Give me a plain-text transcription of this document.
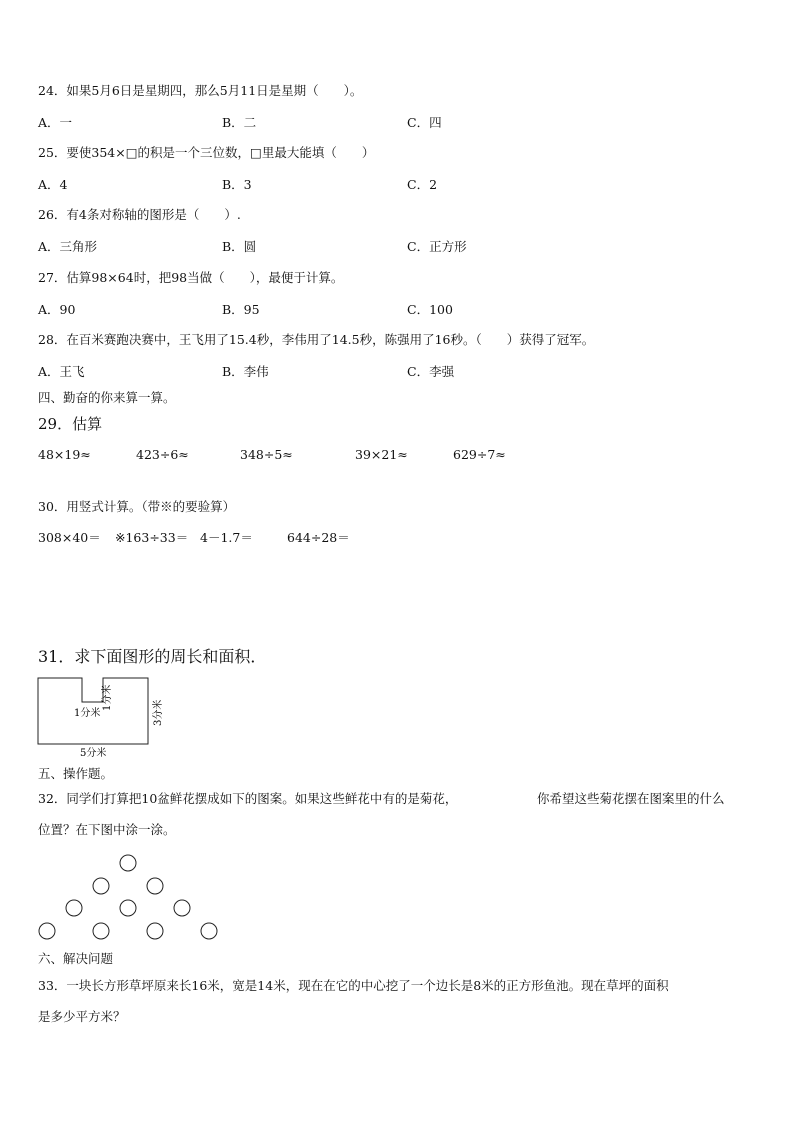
24．如果5月6日是星期四，那么5月11日是星期（　　）。
A．一	B．二	C．四
25．要使354×□的积是一个三位数，□里最大能填（　　）
A．4	B．3	C．2
26．有4条对称轴的图形是（　　）.
A．三角形	B．圆	C．正方形
27．估算98×64时，把98当做（　　），最便于计算。
A．90	B．95	C．100
28．在百米赛跑决赛中，王飞用了15.4秒，李伟用了14.5秒，陈强用了16秒。（　　）获得了冠军。
A．王飞	B．李伟	C．李强
四、勤奋的你来算一算。
29．估算
48×19≈	423÷6≈	348÷5≈	39×21≈	629÷7≈
30．用竖式计算。（带※的要验算）
308×40＝ ※163÷33＝ 4－1.7＝	644÷28＝
31．求下面图形的周长和面积．
1分米
1分米
3分米
5分米
五、操作题。
32．同学们打算把10盆鲜花摆成如下的图案。如果这些鲜花中有的是菊花，	你希望这些菊花摆在图案里的什么
位置？在下图中涂一涂。
六、解决问题
33．一块长方形草坪原来长16米，宽是14米，现在在它的中心挖了一个边长是8米的正方形鱼池。现在草坪的面积
是多少平方米？
